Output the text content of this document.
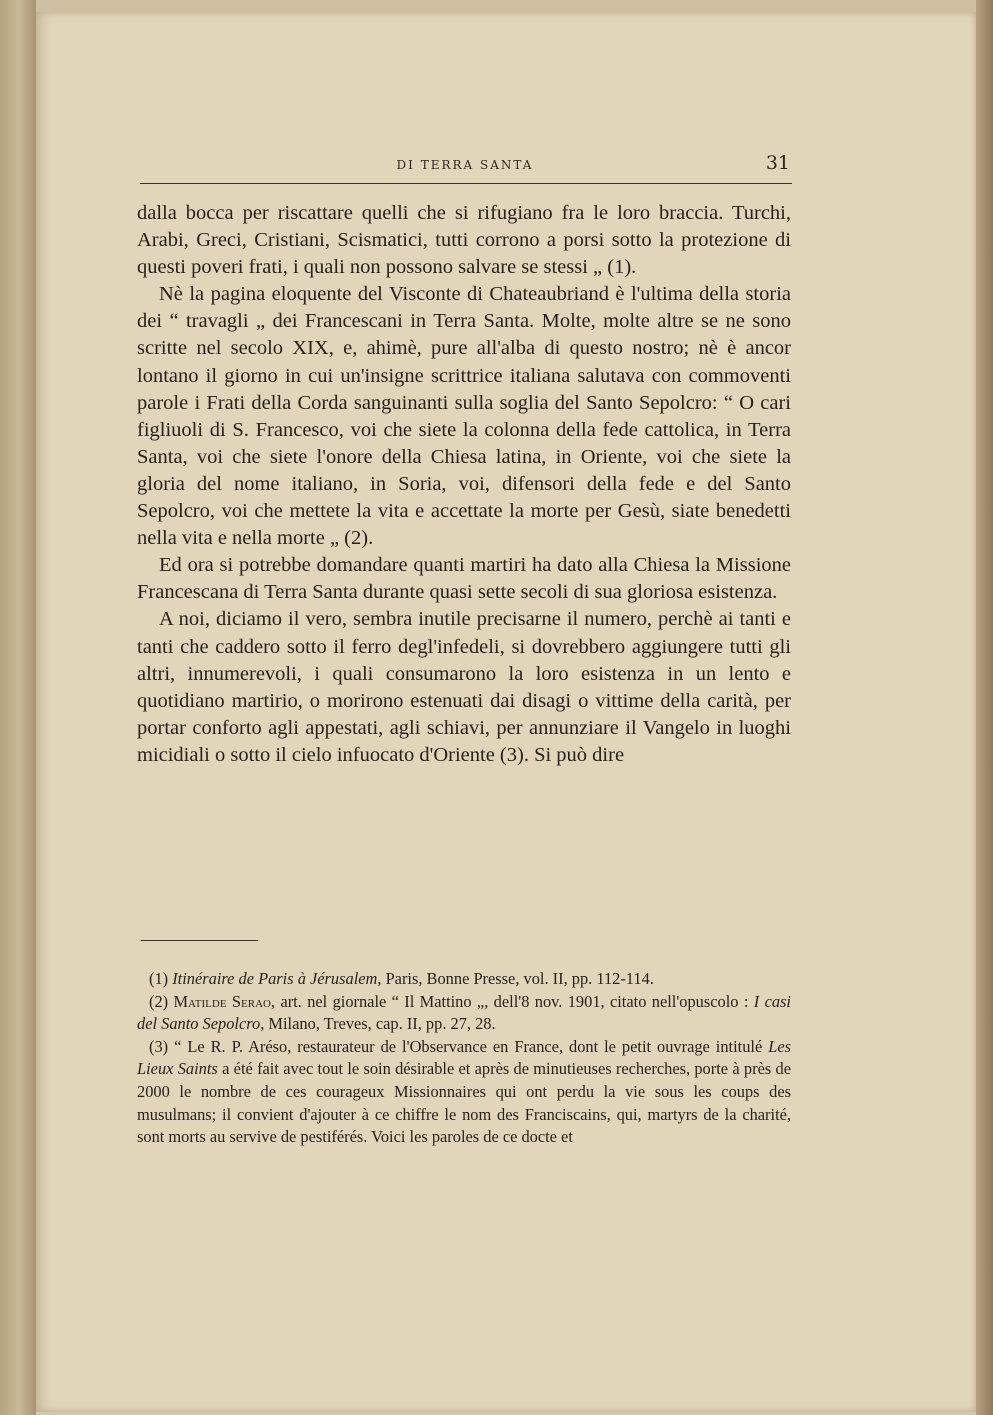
DI TERRA SANTA	31

dalla bocca per riscattare quelli che si rifugiano fra le loro braccia. Turchi, Arabi, Greci, Cristiani, Scismatici, tutti corrono a porsi sotto la protezione di questi poveri frati, i quali non possono salvare se stessi „ (1).

Nè la pagina eloquente del Visconte di Chateaubriand è l'ultima della storia dei “ travagli „ dei Francescani in Terra Santa. Molte, molte altre se ne sono scritte nel secolo XIX, e, ahimè, pure all'alba di questo nostro; nè è ancor lontano il giorno in cui un'insigne scrittrice italiana salutava con commoventi parole i Frati della Corda sanguinanti sulla soglia del Santo Sepolcro: “ O cari figliuoli di S. Francesco, voi che siete la colonna della fede cattolica, in Terra Santa, voi che siete l'onore della Chiesa latina, in Oriente, voi che siete la gloria del nome italiano, in Soria, voi, difensori della fede e del Santo Sepolcro, voi che mettete la vita e accettate la morte per Gesù, siate benedetti nella vita e nella morte „ (2).

Ed ora si potrebbe domandare quanti martiri ha dato alla Chiesa la Missione Francescana di Terra Santa durante quasi sette secoli di sua gloriosa esistenza.

A noi, diciamo il vero, sembra inutile precisarne il numero, perchè ai tanti e tanti che caddero sotto il ferro degl'infedeli, si dovrebbero aggiungere tutti gli altri, innumerevoli, i quali consumarono la loro esistenza in un lento e quotidiano martirio, o morirono estenuati dai disagi o vittime della carità, per portar conforto agli appestati, agli schiavi, per annunziare il Vangelo in luoghi micidiali o sotto il cielo infuocato d'Oriente (3). Si può dire

(1) Itinéraire de Paris à Jérusalem, Paris, Bonne Presse, vol. II, pp. 112-114.

(2) Matilde Serao, art. nel giornale “ Il Mattino „, dell'8 nov. 1901, citato nell'opuscolo : I casi del Santo Sepolcro, Milano, Treves, cap. II, pp. 27, 28.

(3) “ Le R. P. Aréso, restaurateur de l'Observance en France, dont le petit ouvrage intitulé Les Lieux Saints a été fait avec tout le soin désirable et après de minutieuses recherches, porte à près de 2000 le nombre de ces courageux Missionnaires qui ont perdu la vie sous les coups des musulmans; il convient d'ajouter à ce chiffre le nom des Franciscains, qui, martyrs de la charité, sont morts au servive de pestiférés. Voici les paroles de ce docte et
